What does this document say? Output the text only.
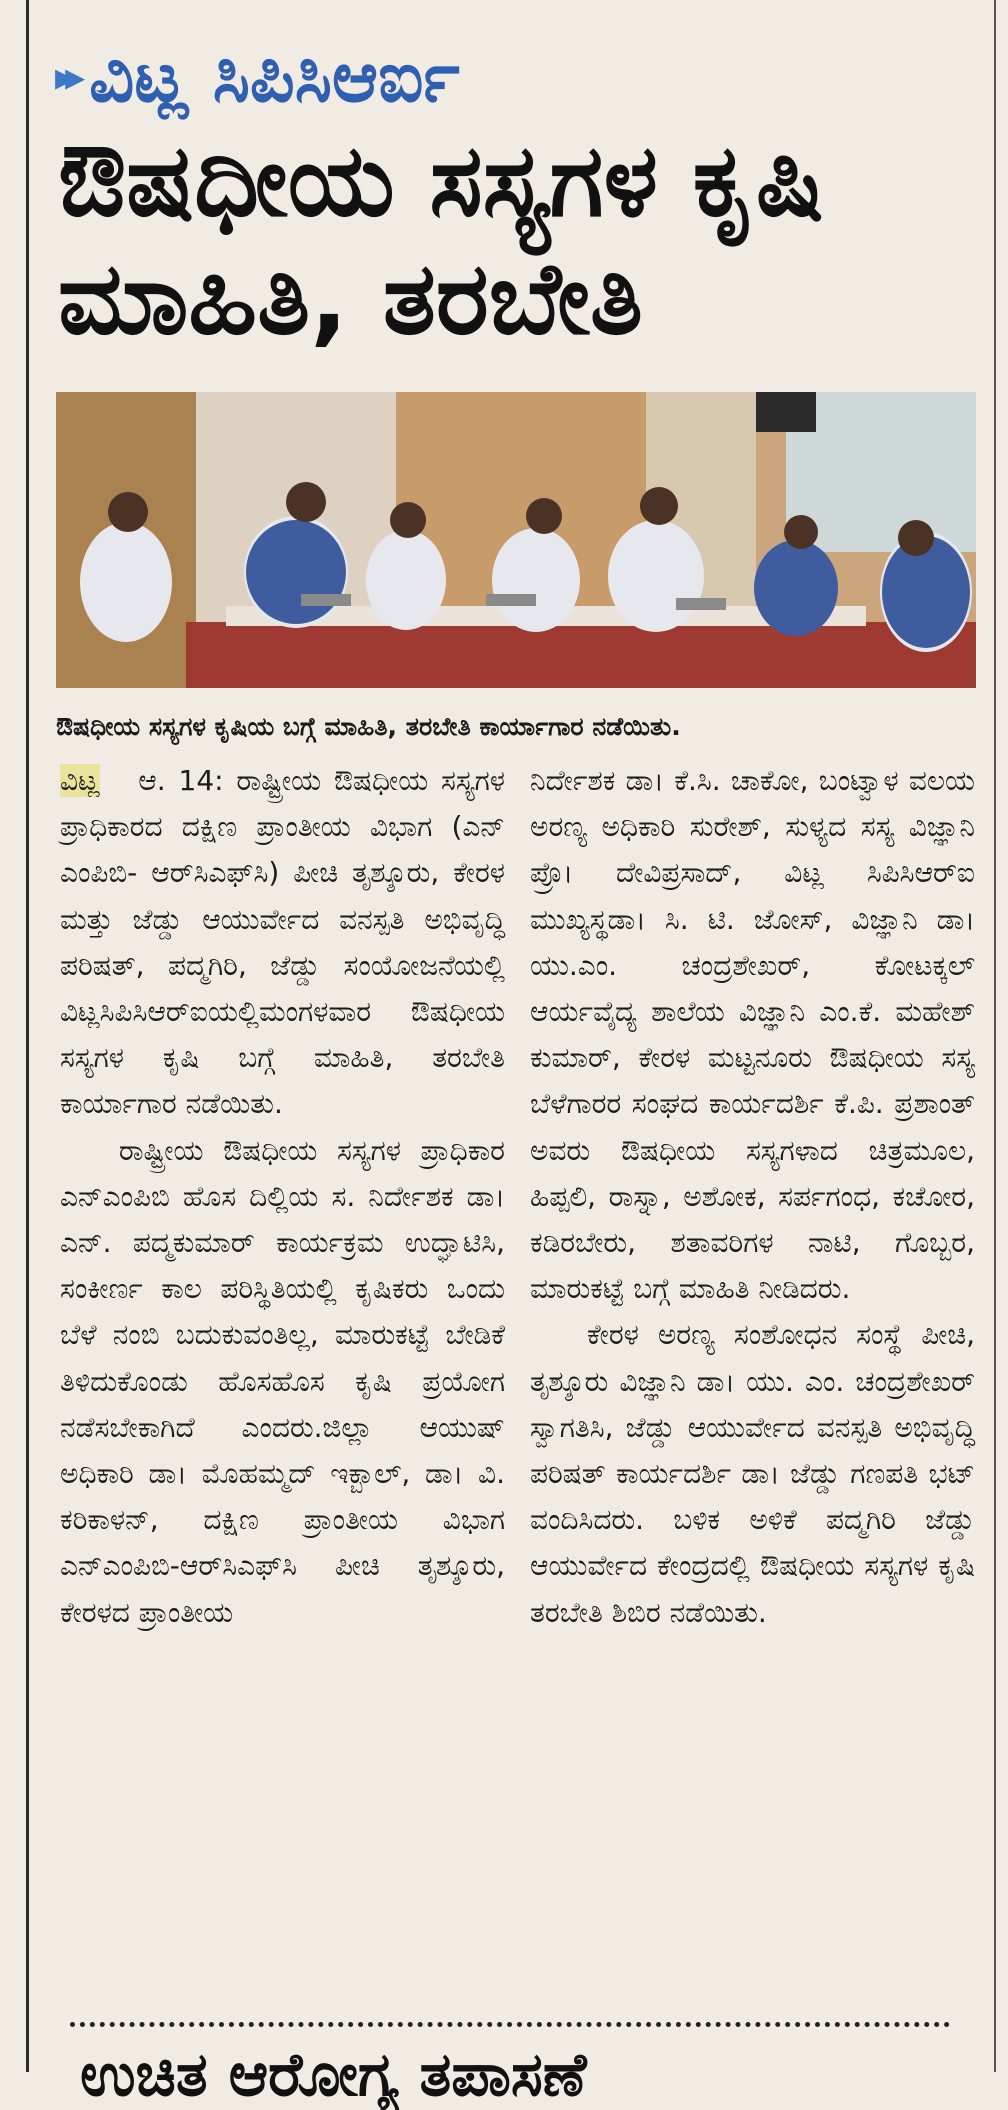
▸▸ ವಿಟ್ಲ ಸಿಪಿಸಿಆರ್ಐ
ಔಷಧೀಯ ಸಸ್ಯಗಳ ಕೃಷಿ ಮಾಹಿತಿ, ತರಬೇತಿ
ಔಷಧೀಯ ಸಸ್ಯಗಳ ಕೃಷಿಯ ಬಗ್ಗೆ ಮಾಹಿತಿ, ತರಬೇತಿ ಕಾರ್ಯಾಗಾರ ನಡೆಯಿತು.

ವಿಟ್ಲ ಆ. 14: ರಾಷ್ಟ್ರೀಯ ಔಷಧೀಯ ಸಸ್ಯಗಳ ಪ್ರಾಧಿಕಾರದ ದಕ್ಷಿಣ ಪ್ರಾಂತೀಯ ವಿಭಾಗ (ಎನ್ ಎಂಪಿಬಿ- ಆರ್‌ಸಿಎಫ್‌ಸಿ) ಪೀಚಿ ತೃಶ್ಶೂರು, ಕೇರಳ ಮತ್ತು ಜೆಡ್ಡು ಆಯುರ್ವೇದ ವನಸ್ಪತಿ ಅಭಿವೃದ್ಧಿ ಪರಿಷತ್, ಪದ್ಮಗಿರಿ, ಜೆಡ್ಡು ಸಂಯೋಜನೆಯಲ್ಲಿ ವಿಟ್ಲಸಿಪಿಸಿಆರ್‌ಐಯಲ್ಲಿಮಂಗಳವಾರ ಔಷಧೀಯ ಸಸ್ಯಗಳ ಕೃಷಿ ಬಗ್ಗೆ ಮಾಹಿತಿ, ತರಬೇತಿ ಕಾರ್ಯಾಗಾರ ನಡೆಯಿತು.

ರಾಷ್ಟ್ರೀಯ ಔಷಧೀಯ ಸಸ್ಯಗಳ ಪ್ರಾಧಿಕಾರ ಎನ್‌ಎಂಪಿಬಿ ಹೊಸ ದಿಲ್ಲಿಯ ಸ. ನಿರ್ದೇಶಕ ಡಾ। ಎನ್. ಪದ್ಮಕುಮಾರ್ ಕಾರ್ಯಕ್ರಮ ಉದ್ಘಾಟಿಸಿ, ಸಂಕೀರ್ಣ ಕಾಲ ಪರಿಸ್ಥಿತಿಯಲ್ಲಿ ಕೃಷಿಕರು ಒಂದು ಬೆಳೆ ನಂಬಿ ಬದುಕುವಂತಿಲ್ಲ, ಮಾರುಕಟ್ಟೆ ಬೇಡಿಕೆ ತಿಳಿದುಕೊಂಡು ಹೊಸಹೊಸ ಕೃಷಿ ಪ್ರಯೋಗ ನಡೆಸಬೇಕಾಗಿದೆ ಎಂದರು.ಜಿಲ್ಲಾ ಆಯುಷ್ ಅಧಿಕಾರಿ ಡಾ। ಮೊಹಮ್ಮದ್ ಇಕ್ಬಾಲ್, ಡಾ। ವಿ. ಕರಿಕಾಳನ್, ದಕ್ಷಿಣ ಪ್ರಾಂತೀಯ ವಿಭಾಗ ಎನ್‌ಎಂಪಿಬಿ-ಆರ್‌ಸಿಎಫ್‌ಸಿ ಪೀಚಿ ತೃಶ್ಶೂರು, ಕೇರಳದ ಪ್ರಾಂತೀಯ

ನಿರ್ದೇಶಕ ಡಾ। ಕೆ.ಸಿ. ಚಾಕೋ, ಬಂಟ್ವಾಳ ವಲಯ ಅರಣ್ಯ ಅಧಿಕಾರಿ ಸುರೇಶ್, ಸುಳ್ಯದ ಸಸ್ಯ ವಿಜ್ಞಾನಿ ಪ್ರೊ। ದೇವಿಪ್ರಸಾದ್, ವಿಟ್ಲ ಸಿಪಿಸಿಆರ್‌ಐ ಮುಖ್ಯಸ್ಥಡಾ। ಸಿ. ಟಿ. ಜೋಸ್, ವಿಜ್ಞಾನಿ ಡಾ। ಯು.ಎಂ. ಚಂದ್ರಶೇಖರ್, ಕೋಟಕ್ಕಲ್ ಆರ್ಯವೈದ್ಯ ಶಾಲೆಯ ವಿಜ್ಞಾನಿ ಎಂ.ಕೆ. ಮಹೇಶ್ ಕುಮಾರ್, ಕೇರಳ ಮಟ್ಟನೂರು ಔಷಧೀಯ ಸಸ್ಯ ಬೆಳೆಗಾರರ ಸಂಘದ ಕಾರ್ಯದರ್ಶಿ ಕೆ.ಪಿ. ಪ್ರಶಾಂತ್ ಅವರು ಔಷಧೀಯ ಸಸ್ಯಗಳಾದ ಚಿತ್ರಮೂಲ, ಹಿಪ್ಪಲಿ, ರಾಸ್ನಾ, ಅಶೋಕ, ಸರ್ಪಗಂಧ, ಕಚೋರ, ಕಡಿರಬೇರು, ಶತಾವರಿಗಳ ನಾಟಿ, ಗೊಬ್ಬರ, ಮಾರುಕಟ್ಟೆ ಬಗ್ಗೆ ಮಾಹಿತಿ ನೀಡಿದರು.

ಕೇರಳ ಅರಣ್ಯ ಸಂಶೋಧನ ಸಂಸ್ಥೆ ಪೀಚಿ, ತೃಶ್ಶೂರು ವಿಜ್ಞಾನಿ ಡಾ। ಯು. ಎಂ. ಚಂದ್ರಶೇಖರ್ ಸ್ವಾಗತಿಸಿ, ಜೆಡ್ಡು ಆಯುರ್ವೇದ ವನಸ್ಪತಿ ಅಭಿವೃದ್ಧಿ ಪರಿಷತ್ ಕಾರ್ಯದರ್ಶಿ ಡಾ। ಜೆಡ್ಡು ಗಣಪತಿ ಭಟ್ ವಂದಿಸಿದರು. ಬಳಿಕ ಅಳಿಕೆ ಪದ್ಮಗಿರಿ ಜೆಡ್ಡು ಆಯುರ್ವೇದ ಕೇಂದ್ರದಲ್ಲಿ ಔಷಧೀಯ ಸಸ್ಯಗಳ ಕೃಷಿ ತರಬೇತಿ ಶಿಬಿರ ನಡೆಯಿತು.

ಉಚಿತ ಆರೋಗ್ಯ ತಪಾಸಣೆ
